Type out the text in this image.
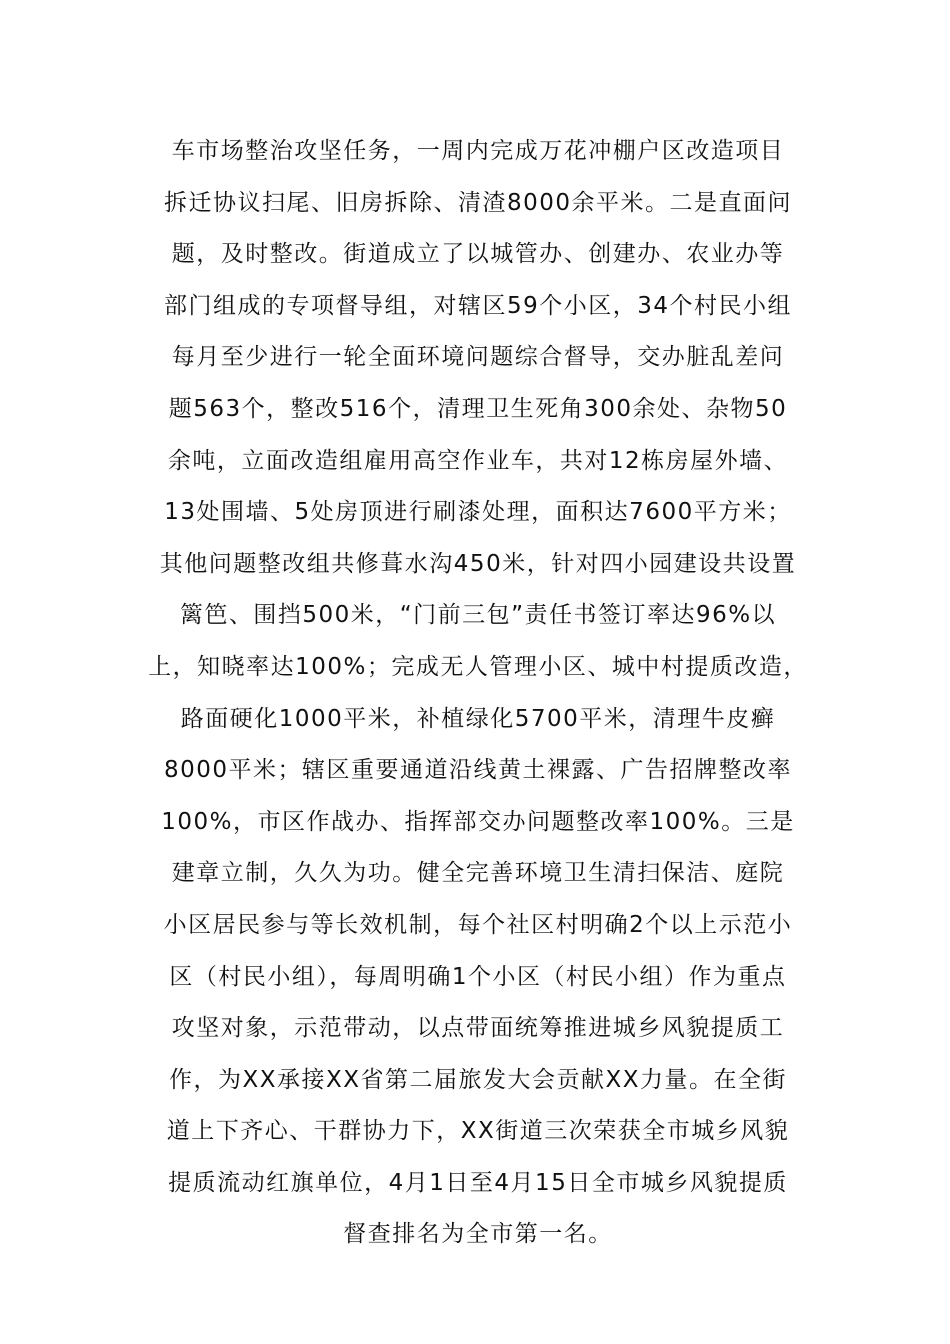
车市场整治攻坚任务，一周内完成万花冲棚户区改造项目
拆迁协议扫尾、旧房拆除、清渣8000余平米。二是直面问
题，及时整改。街道成立了以城管办、创建办、农业办等
部门组成的专项督导组，对辖区59个小区，34个村民小组
每月至少进行一轮全面环境问题综合督导，交办脏乱差问
题563个，整改516个，清理卫生死角300余处、杂物50
余吨，立面改造组雇用高空作业车，共对12栋房屋外墙、
13处围墙、5处房顶进行刷漆处理，面积达7600平方米；
其他问题整改组共修葺水沟450米，针对四小园建设共设置
篱笆、围挡500米，“门前三包”责任书签订率达96%以
上，知晓率达100%；完成无人管理小区、城中村提质改造，
路面硬化1000平米，补植绿化5700平米，清理牛皮癣
8000平米；辖区重要通道沿线黄土裸露、广告招牌整改率
100%，市区作战办、指挥部交办问题整改率100%。三是
建章立制，久久为功。健全完善环境卫生清扫保洁、庭院
小区居民参与等长效机制，每个社区村明确2个以上示范小
区（村民小组），每周明确1个小区（村民小组）作为重点
攻坚对象，示范带动，以点带面统筹推进城乡风貌提质工
作，为XX承接XX省第二届旅发大会贡献XX力量。在全街
道上下齐心、干群协力下，XX街道三次荣获全市城乡风貌
提质流动红旗单位，4月1日至4月15日全市城乡风貌提质
督查排名为全市第一名。
